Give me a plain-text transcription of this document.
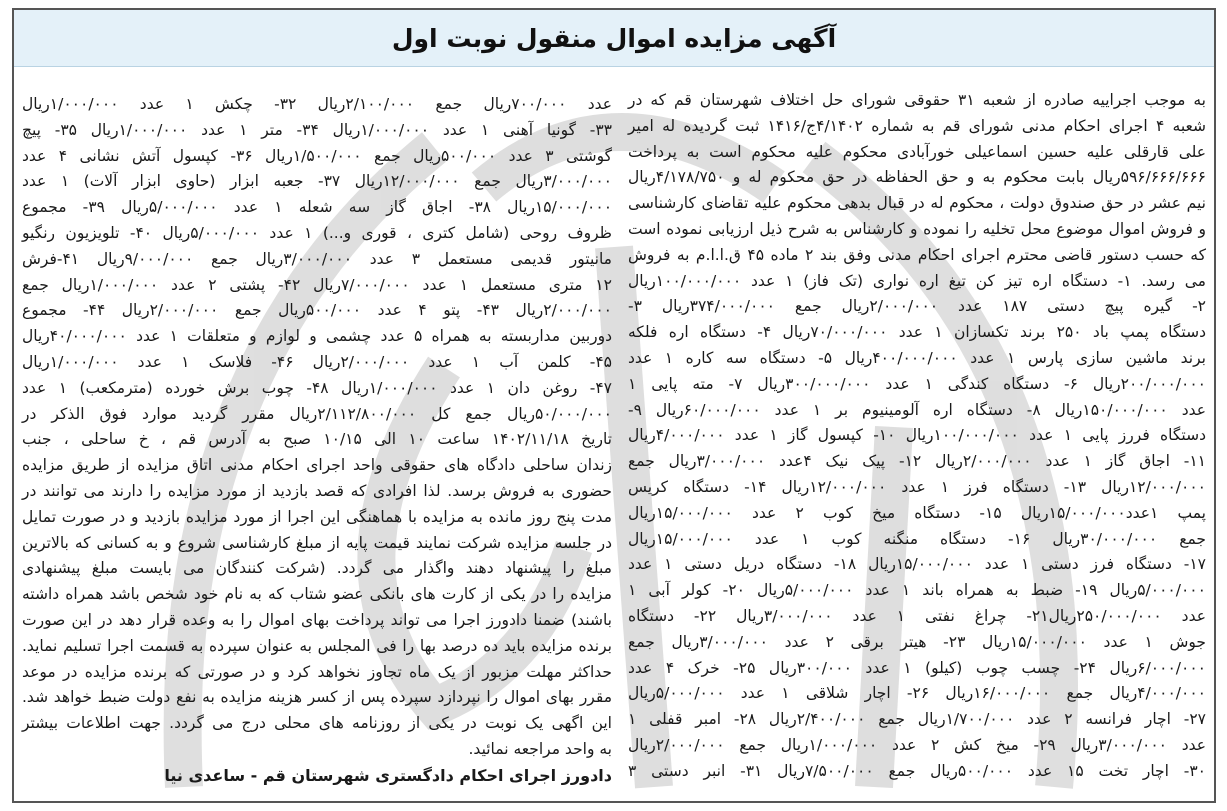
آگهی مزایده اموال منقول نوبت اول
به موجب اجراییه صادره از شعبه ۳۱ حقوقی شورای حل اختلاف شهرستان قم که در
شعبه ۴ اجرای احکام مدنی شورای قم به شماره ۴/۱۴۰۲ج/۱۴۱۶ ثبت گردیده له امیر
علی قارقلی علیه حسین اسماعیلی خورآبادی محکوم علیه محکوم است به پرداخت
۵۹۶/۶۶۶/۶۶۶ریال بابت محکوم به و حق الحفاظه در حق محکوم له و ۴/۱۷۸/۷۵۰ریال
نیم عشر در حق صندوق دولت ، محکوم له در قبال بدهی محکوم علیه تقاضای کارشناسی
و فروش اموال موضوع محل تخلیه را نموده و کارشناس به شرح ذیل ارزیابی نموده است
که حسب دستور قاضی محترم اجرای احکام مدنی وفق بند ۲ ماده ۴۵ ق.ا.ا.م به فروش
می رسد. ۱- دستگاه اره تیز کن تیغ اره نواری (تک فاز) ۱ عدد ۱۰۰/۰۰۰/۰۰۰ریال
۲- گیره پیچ دستی ۱۸۷ عدد ۲/۰۰۰/۰۰۰ریال جمع ۳۷۴/۰۰۰/۰۰۰ریال ۳-
دستگاه پمپ باد ۲۵۰ برند تکسازان ۱ عدد ۷۰/۰۰۰/۰۰۰ریال ۴- دستگاه اره فلکه
برند ماشین سازی پارس ۱ عدد ۴۰۰/۰۰۰/۰۰۰ریال ۵- دستگاه سه کاره ۱ عدد
۲۰۰/۰۰۰/۰۰۰ریال ۶- دستگاه کندگی ۱ عدد ۳۰۰/۰۰۰/۰۰۰ریال ۷- مته پایی ۱
عدد ۱۵۰/۰۰۰/۰۰۰ریال ۸- دستگاه اره آلومینیوم بر ۱ عدد ۶۰/۰۰۰/۰۰۰ریال ۹-
دستگاه فررز پایی ۱ عدد ۱۰۰/۰۰۰/۰۰۰ریال ۱۰- کپسول گاز ۱ عدد ۴/۰۰۰/۰۰۰ریال
۱۱- اجاق گاز ۱ عدد ۲/۰۰۰/۰۰۰ریال ۱۲- پیک نیک ۴عدد ۳/۰۰۰/۰۰۰ریال جمع
۱۲/۰۰۰/۰۰۰ریال ۱۳- دستگاه فرز ۱ عدد ۱۲/۰۰۰/۰۰۰ریال ۱۴- دستگاه کریس
پمپ ۱عدد۱۵/۰۰۰/۰۰۰ریال ۱۵- دستگاه میخ کوب ۲ عدد ۱۵/۰۰۰/۰۰۰ریال
جمع ۳۰/۰۰۰/۰۰۰ریال ۱۶- دستگاه منگنه کوب ۱ عدد ۱۵/۰۰۰/۰۰۰ریال
۱۷- دستگاه فرز دستی ۱ عدد ۱۵/۰۰۰/۰۰۰ریال ۱۸- دستگاه دریل دستی ۱ عدد
۵/۰۰۰/۰۰۰ریال ۱۹- ضبط به همراه باند ۱ عدد ۵/۰۰۰/۰۰۰ریال ۲۰- کولر آبی ۱
عدد ۲۵۰/۰۰۰/۰۰۰ریال۲۱- چراغ نفتی ۱ عدد ۳/۰۰۰/۰۰۰ریال ۲۲- دستگاه
جوش ۱ عدد ۱۵/۰۰۰/۰۰۰ریال ۲۳- هیتر برقی ۲ عدد ۳/۰۰۰/۰۰۰ریال جمع
۶/۰۰۰/۰۰۰ریال ۲۴- چسب چوب (کیلو) ۱ عدد ۳۰۰/۰۰۰ریال ۲۵- خرک ۴ عدد
۴/۰۰۰/۰۰۰ریال جمع ۱۶/۰۰۰/۰۰۰ریال ۲۶- اچار شلاقی ۱ عدد ۵/۰۰۰/۰۰۰ریال
۲۷- اچار فرانسه ۲ عدد ۱/۷۰۰/۰۰۰ریال جمع ۲/۴۰۰/۰۰۰ریال ۲۸- امبر قفلی ۱
عدد ۳/۰۰۰/۰۰۰ریال ۲۹- میخ کش ۲ عدد ۱/۰۰۰/۰۰۰ریال جمع ۲/۰۰۰/۰۰۰ریال
۳۰- اچار تخت ۱۵ عدد ۵۰۰/۰۰۰ریال جمع ۷/۵۰۰/۰۰۰ریال ۳۱- انبر دستی ۳
عدد ۷۰۰/۰۰۰ریال جمع ۲/۱۰۰/۰۰۰ریال ۳۲- چکش ۱ عدد ۱/۰۰۰/۰۰۰ریال
۳۳- گونیا آهنی ۱ عدد ۱/۰۰۰/۰۰۰ریال ۳۴- متر ۱ عدد ۱/۰۰۰/۰۰۰ریال ۳۵- پیچ
گوشتی ۳ عدد ۵۰۰/۰۰۰ریال جمع ۱/۵۰۰/۰۰۰ریال ۳۶- کپسول آتش نشانی ۴ عدد
۳/۰۰۰/۰۰۰ریال جمع ۱۲/۰۰۰/۰۰۰ریال ۳۷- جعبه ابزار (حاوی ابزار آلات) ۱ عدد
۱۵/۰۰۰/۰۰۰ریال ۳۸- اجاق گاز سه شعله ۱ عدد ۵/۰۰۰/۰۰۰ریال ۳۹- مجموع
ظروف روحی (شامل کتری ، قوری و...) ۱ عدد ۵/۰۰۰/۰۰۰ریال ۴۰- تلویزیون رنگیو
مانیتور قدیمی مستعمل ۳ عدد ۳/۰۰۰/۰۰۰ریال جمع ۹/۰۰۰/۰۰۰ریال ۴۱-فرش
۱۲ متری مستعمل ۱ عدد ۷/۰۰۰/۰۰۰ریال ۴۲- پشتی ۲ عدد ۱/۰۰۰/۰۰۰ریال جمع
۲/۰۰۰/۰۰۰ریال ۴۳- پتو ۴ عدد ۵۰۰/۰۰۰ریال جمع ۲/۰۰۰/۰۰۰ریال ۴۴- مجموع
دوربین مداربسته به همراه ۵ عدد چشمی و لوازم و متعلقات ۱ عدد ۴۰/۰۰۰/۰۰۰ریال
۴۵- کلمن آب ۱ عدد ۲/۰۰۰/۰۰۰ریال ۴۶- فلاسک ۱ عدد ۱/۰۰۰/۰۰۰ریال
۴۷- روغن دان ۱ عدد ۱/۰۰۰/۰۰۰ریال ۴۸- چوب برش خورده (مترمکعب) ۱ عدد
۵۰/۰۰۰/۰۰۰ریال جمع کل ۲/۱۱۲/۸۰۰/۰۰۰ریال مقرر گردید موارد فوق الذکر در
تاریخ ۱۴۰۲/۱۱/۱۸ ساعت ۱۰ الی ۱۰/۱۵ صبح به آدرس قم ، خ ساحلی ، جنب
زندان ساحلی دادگاه های حقوقی واحد اجرای احکام مدنی اتاق مزایده از طریق مزایده
حضوری به فروش برسد. لذا افرادی که قصد بازدید از مورد مزایده را دارند می توانند در
مدت پنج روز مانده به مزایده با هماهنگی این اجرا از مورد مزایده بازدید و در صورت تمایل
در جلسه مزایده شرکت نمایند قیمت پایه از مبلغ کارشناسی شروع و به کسانی که بالاترین
مبلغ را پیشنهاد دهند واگذار می گردد. (شرکت کنندگان می بایست مبلغ پیشنهادی
مزایده را در یکی از کارت های بانکی عضو شتاب که به نام خود شخص باشد همراه داشته
باشند) ضمنا دادورز اجرا می تواند پرداخت بهای اموال را به وعده قرار دهد در این صورت
برنده مزایده باید ده درصد بها را فی المجلس به عنوان سپرده به قسمت اجرا تسلیم نماید.
حداکثر مهلت مزبور از یک ماه تجاوز نخواهد کرد و در صورتی که برنده مزایده در موعد
مقرر بهای اموال را نپردازد سپرده پس از کسر هزینه مزایده به نفع دولت ضبط خواهد شد.
این اگهی یک نوبت در یکی از روزنامه های محلی درج می گردد. جهت اطلاعات بیشتر
به واحد مراجعه نمائید.
دادورز اجرای احکام دادگستری شهرستان قم - ساعدی نیا
